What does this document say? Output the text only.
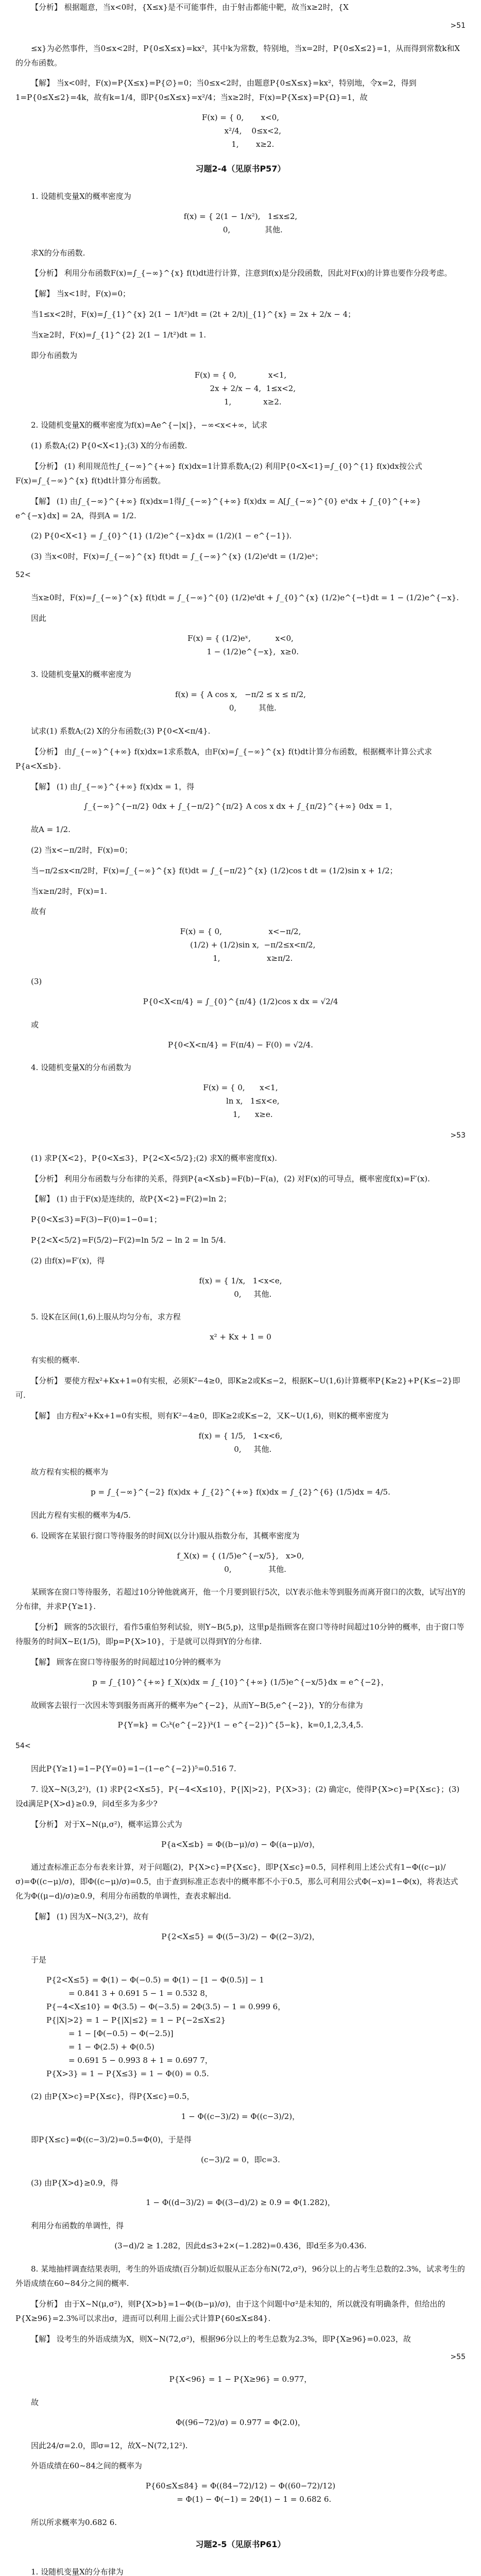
【分析】 根据题意，当x<0时，{X≤x}是不可能事件，由于射击都能中靶，故当x≥2时，{X

>51

≤x}为必然事件，当0≤x<2时，P{0≤X≤x}=kx²，其中k为常数，特别地，当x=2时，P{0≤X≤2}=1，从而得到常数k和X的分布函数。

【解】 当x<0时，F(x)=P{X≤x}=P{∅}=0；当0≤x<2时，由题意P{0≤X≤x}=kx²，特别地，令x=2，得到1=P{0≤X≤2}=4k，故有k=1/4，即P{0≤X≤x}=x²/4；当x≥2时，F(x)=P{X≤x}=P{Ω}=1，故

F(x) = { 0,       x<0,
x²/4,    0≤x<2,
1,       x≥2.
习题2-4（见原书P57）

1. 设随机变量X的概率密度为

f(x) = { 2(1 − 1/x²),   1≤x≤2,
0,              其他.

求X的分布函数.

【分析】 利用分布函数F(x)=∫_{−∞}^{x} f(t)dt进行计算，注意到f(x)是分段函数，因此对F(x)的计算也要作分段考虑。

【解】 当x<1时，F(x)=0；

当1≤x<2时，F(x)=∫_{1}^{x} 2(1 − 1/t²)dt = (2t + 2/t)|_{1}^{x} = 2x + 2/x − 4；

当x≥2时，F(x)=∫_{1}^{2} 2(1 − 1/t²)dt = 1.

即分布函数为

F(x) = { 0,             x<1,
2x + 2/x − 4,  1≤x<2,
1,             x≥2.

2. 设随机变量X的概率密度为f(x)=Ae^{−|x|}，−∞<x<+∞，试求

(1) 系数A;(2) P{0<X<1};(3) X的分布函数.

【分析】 (1) 利用规范性∫_{−∞}^{+∞} f(x)dx=1计算系数A;(2) 利用P{0<X<1}=∫_{0}^{1} f(x)dx按公式F(x)=∫_{−∞}^{x} f(t)dt计算分布函数。

【解】 (1) 由∫_{−∞}^{+∞} f(x)dx=1得∫_{−∞}^{+∞} f(x)dx = A[∫_{−∞}^{0} eˣdx + ∫_{0}^{+∞} e^{−x}dx] = 2A，得到A = 1/2.

(2) P{0<X<1} = ∫_{0}^{1} (1/2)e^{−x}dx = (1/2)(1 − e^{−1}).

(3) 当x<0时，F(x)=∫_{−∞}^{x} f(t)dt = ∫_{−∞}^{x} (1/2)eᵗdt = (1/2)eˣ；

52<

当x≥0时，F(x)=∫_{−∞}^{x} f(t)dt = ∫_{−∞}^{0} (1/2)eᵗdt + ∫_{0}^{x} (1/2)e^{−t}dt = 1 − (1/2)e^{−x}.

因此

F(x) = { (1/2)eˣ,          x<0,
1 − (1/2)e^{−x},  x≥0.

3. 设随机变量X的概率密度为

f(x) = { A cos x,   −π/2 ≤ x ≤ π/2,
0,         其他.

试求(1) 系数A;(2) X的分布函数;(3) P{0<X<π/4}.

【分析】 由∫_{−∞}^{+∞} f(x)dx=1求系数A，由F(x)=∫_{−∞}^{x} f(t)dt计算分布函数，根据概率计算公式求P{a<X≤b}.

【解】 (1) 由∫_{−∞}^{+∞} f(x)dx = 1，得

∫_{−∞}^{−π/2} 0dx + ∫_{−π/2}^{π/2} A cos x dx + ∫_{π/2}^{+∞} 0dx = 1，

故A = 1/2.

(2) 当x<−π/2时，F(x)=0；

当−π/2≤x<π/2时，F(x)=∫_{−∞}^{x} f(t)dt = ∫_{−π/2}^{x} (1/2)cos t dt = (1/2)sin x + 1/2；

当x≥π/2时，F(x)=1.

故有

F(x) = { 0,                   x<−π/2,
(1/2) + (1/2)sin x,  −π/2≤x<π/2,
1,                   x≥π/2.

(3)

P{0<X<π/4} = ∫_{0}^{π/4} (1/2)cos x dx = √2/4

或

P{0<X<π/4} = F(π/4) − F(0) = √2/4.

4. 设随机变量X的分布函数为

F(x) = { 0,      x<1,
ln x,   1≤x<e,
1,      x≥e.
>53

(1) 求P{X<2}，P{0<X≤3}，P{2<X<5/2};(2) 求X的概率密度f(x).

【分析】 利用分布函数与分布律的关系，得到P{a<X≤b}=F(b)−F(a)，(2) 对F(x)的可导点，概率密度f(x)=F′(x).

【解】 (1) 由于F(x)是连续的，故P{X<2}=F(2)=ln 2；

P{0<X≤3}=F(3)−F(0)=1−0=1；

P{2<X<5/2}=F(5/2)−F(2)=ln 5/2 − ln 2 = ln 5/4.

(2) 由f(x)=F′(x)，得

f(x) = { 1/x,   1<x<e,
0,     其他.

5. 设K在区间(1,6)上服从均匀分布，求方程

x² + Kx + 1 = 0

有实根的概率.

【分析】 要使方程x²+Kx+1=0有实根，必须K²−4≥0，即K≥2或K≤−2，根据K~U(1,6)计算概率P{K≥2}+P{K≤−2}即可.

【解】 由方程x²+Kx+1=0有实根，则有K²−4≥0，即K≥2或K≤−2，又K~U(1,6)，则K的概率密度为

f(x) = { 1/5,   1<x<6,
0,     其他.

故方程有实根的概率为

p = ∫_{−∞}^{−2} f(x)dx + ∫_{2}^{+∞} f(x)dx = ∫_{2}^{6} (1/5)dx = 4/5.

因此方程有实根的概率为4/5.

6. 设顾客在某银行窗口等待服务的时间X(以分计)服从指数分布，其概率密度为

f_X(x) = { (1/5)e^{−x/5},   x>0,
0,               其他.

某顾客在窗口等待服务，若超过10分钟他就离开，他一个月要到银行5次，以Y表示他未等到服务而离开窗口的次数，试写出Y的分布律，并求P{Y≥1}.

【分析】 顾客的5次银行，看作5重伯努利试验，则Y~B(5,p)，这里p是指顾客在窗口等待时间超过10分钟的概率，由于窗口等待服务的时间X~E(1/5)，即p=P{X>10}，于是就可以得到Y的分布律.

【解】 顾客在窗口等待服务的时间超过10分钟的概率为

p = ∫_{10}^{+∞} f_X(x)dx = ∫_{10}^{+∞} (1/5)e^{−x/5}dx = e^{−2}，

故顾客去银行一次因未等到服务而离开的概率为e^{−2}，从而Y~B(5,e^{−2})，Y的分布律为

P{Y=k} = C₅ᵏ(e^{−2})ᵏ(1 − e^{−2})^{5−k}，k=0,1,2,3,4,5.
54<

因此P{Y≥1}=1−P{Y=0}=1−(1−e^{−2})⁵=0.516 7.

7. 设X~N(3,2²)，(1) 求P{2<X≤5}，P{−4<X≤10}，P{|X|>2}，P{X>3}；(2) 确定c，使得P{X>c}=P{X≤c}；(3) 设d满足P{X>d}≥0.9，问d至多为多少?

【分析】 对于X~N(μ,σ²)，概率运算公式为

P{a<X≤b} = Φ((b−μ)/σ) − Φ((a−μ)/σ)，

通过查标准正态分布表来计算，对于问题(2)，P{X>c}=P{X≤c}，即P{X≤c}=0.5，同样利用上述公式有1−Φ((c−μ)/σ)=Φ((c−μ)/σ)，即Φ((c−μ)/σ)=0.5，由于查到标准正态表中的概率都不小于0.5，那么可利用公式Φ(−x)=1−Φ(x)，将表达式化为Φ((μ−d)/σ)≥0.9，利用分布函数的单调性，查表求解出d.

【解】 (1) 因为X~N(3,2²)，故有

P{2<X≤5} = Φ((5−3)/2) − Φ((2−3)/2)，

于是

P{2<X≤5} = Φ(1) − Φ(−0.5) = Φ(1) − [1 − Φ(0.5)] − 1
= 0.841 3 + 0.691 5 − 1 = 0.532 8，
P{−4<X≤10} = Φ(3.5) − Φ(−3.5) = 2Φ(3.5) − 1 = 0.999 6，
P{|X|>2} = 1 − P{|X|≤2} = 1 − P{−2≤X≤2}
= 1 − [Φ(−0.5) − Φ(−2.5)]
= 1 − Φ(2.5) + Φ(0.5)
= 0.691 5 − 0.993 8 + 1 = 0.697 7，
P{X>3} = 1 − P{X≤3} = 1 − Φ(0) = 0.5.

(2) 由P{X>c}=P{X≤c}，得P{X≤c}=0.5，

1 − Φ((c−3)/2) = Φ((c−3)/2)，

即P{X≤c}=Φ((c−3)/2)=0.5=Φ(0)，于是得

(c−3)/2 = 0，即c=3.

(3) 由P{X>d}≥0.9，得

1 − Φ((d−3)/2) = Φ((3−d)/2) ≥ 0.9 = Φ(1.282)，

利用分布函数的单调性，得

(3−d)/2 ≥ 1.282，因此d≤3+2×(−1.282)=0.436，即d至多为0.436.

8. 某地抽样调查结果表明，考生的外语成绩(百分制)近似服从正态分布N(72,σ²)，96分以上的占考生总数的2.3%，试求考生的外语成绩在60~84分之间的概率.

【分析】 由于X~N(μ,σ²)，则P{X>b}=1−Φ((b−μ)/σ)，由于这个问题中σ²是未知的，所以就没有明确条件，但给出的P{X≥96}=2.3%可以求出σ，进而可以利用上面公式计算P{60≤X≤84}.

【解】 设考生的外语成绩为X，则X~N(72,σ²)，根据96分以上的考生总数为2.3%，即P{X≥96}=0.023，故

>55
P{X<96} = 1 − P{X≥96} = 0.977，

故

Φ((96−72)/σ) = 0.977 = Φ(2.0)，

因此24/σ=2.0，即σ=12，故X~N(72,12²).

外语成绩在60~84之间的概率为

P{60≤X≤84} = Φ((84−72)/12) − Φ((60−72)/12)
= Φ(1) − Φ(−1) = 2Φ(1) − 1 = 0.682 6.

所以所求概率为0.682 6.

习题2-5（见原书P61）

1. 设随机变量X的分布律为
